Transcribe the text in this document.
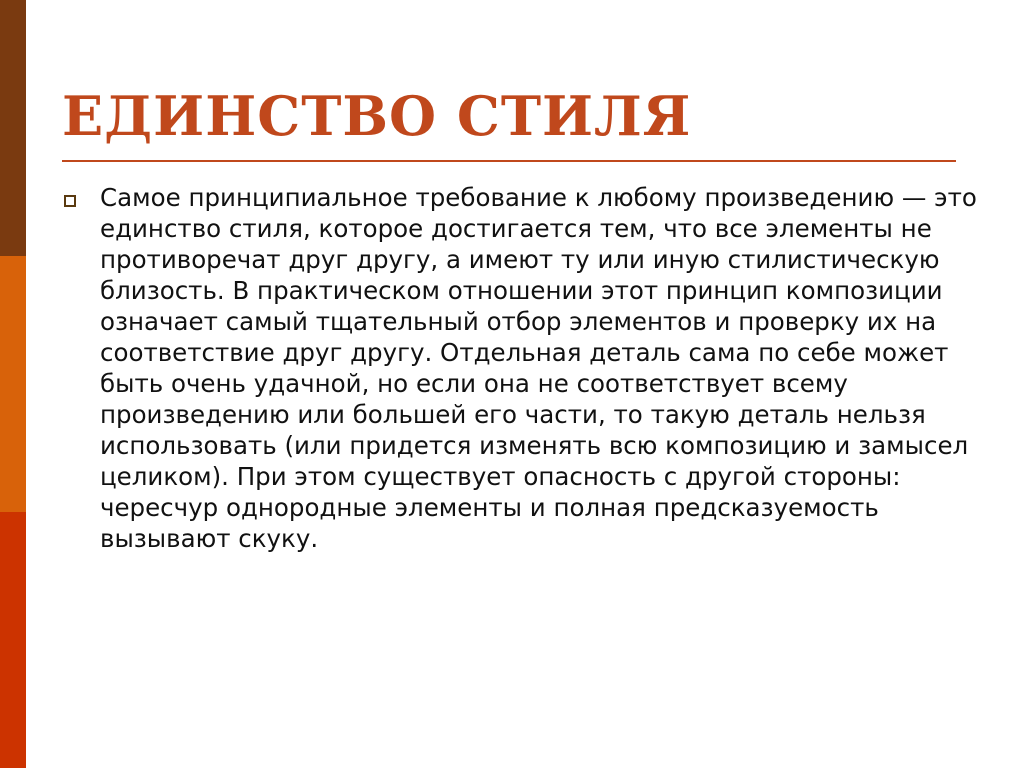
ЕДИНСТВО СТИЛЯ

Самое принципиальное требование к любому произведению — это единство стиля, которое достигается тем, что все элементы не противоречат друг другу, а имеют ту или иную стилистическую близость. В практическом отношении этот принцип композиции означает самый тщательный отбор элементов и проверку их на соответствие друг другу. Отдельная деталь сама по себе может быть очень удачной, но если она не соответствует всему произведению или большей его части, то такую деталь нельзя использовать (или придется изменять всю композицию и замысел целиком). При этом существует опасность с другой стороны: чересчур однородные элементы и полная предсказуемость вызывают скуку.
